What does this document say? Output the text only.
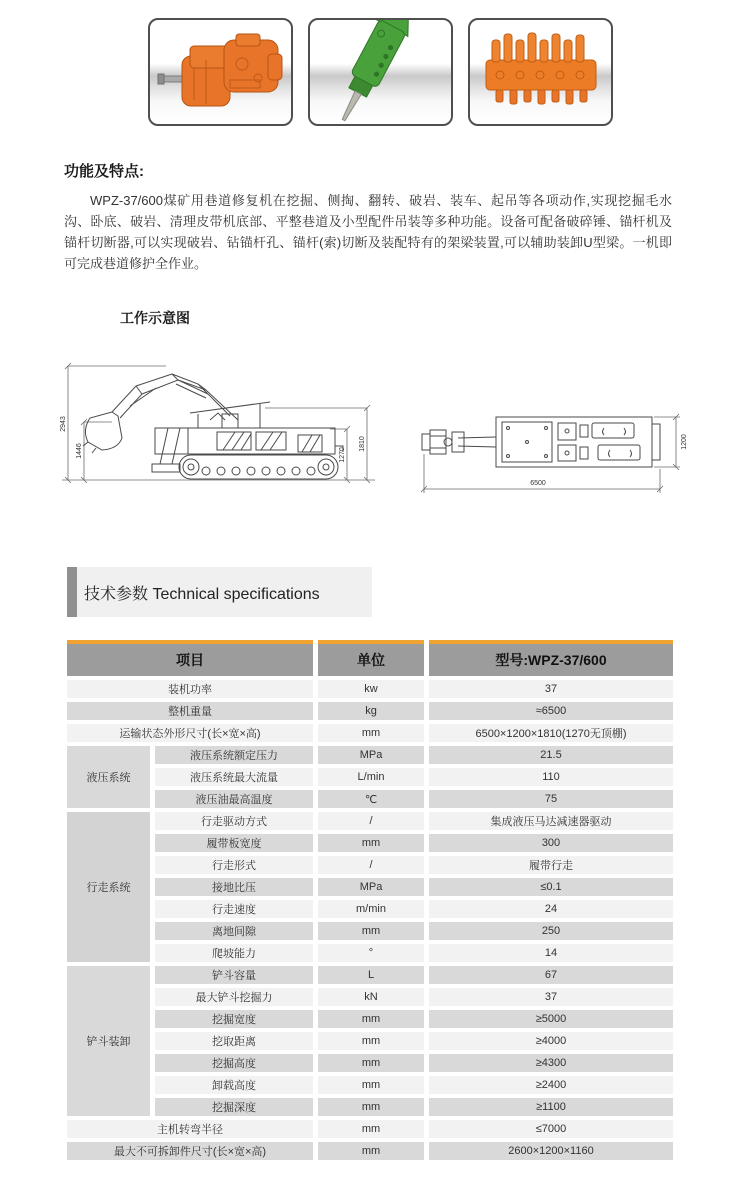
功能及特点:

WPZ-37/600煤矿用巷道修复机在挖掘、侧掏、翻转、破岩、装车、起吊等各项动作,实现挖掘毛水沟、卧底、破岩、清理皮带机底部、平整巷道及小型配件吊装等多种功能。设备可配备破碎锤、锚杆机及锚杆切断器,可以实现破岩、钻锚杆孔、锚杆(索)切断及装配特有的架梁装置,可以辅助装卸U型梁。一机即可完成巷道修护全作业。

工作示意图
2943
1446	1270
1810	1200
6500
技术参数 Technical specifications
项目		单位	型号:WPZ-37/600
装机功率		kw	37
整机重量		kg	≈6500
运输状态外形尺寸(长×宽×高)		mm	6500×1200×1810(1270无顶棚)
液压系统	液压系统额定压力	MPa	21.5
	液压系统最大流量	L/min	110
	液压油最高温度	℃	75
行走系统	行走驱动方式	/	集成液压马达减速器驱动
	履带板宽度	mm	300
	行走形式	/	履带行走
	接地比压	MPa	≤0.1
	行走速度	m/min	24
	离地间隙	mm	250
	爬坡能力	°	14
铲斗装卸	铲斗容量	L	67
	最大铲斗挖掘力	kN	37
	挖掘宽度	mm	≥5000
	挖取距离	mm	≥4000
	挖掘高度	mm	≥4300
	卸载高度	mm	≥2400
	挖掘深度	mm	≥1100
主机转弯半径		mm	≤7000
最大不可拆卸件尺寸(长×宽×高)		mm	2600×1200×1160
